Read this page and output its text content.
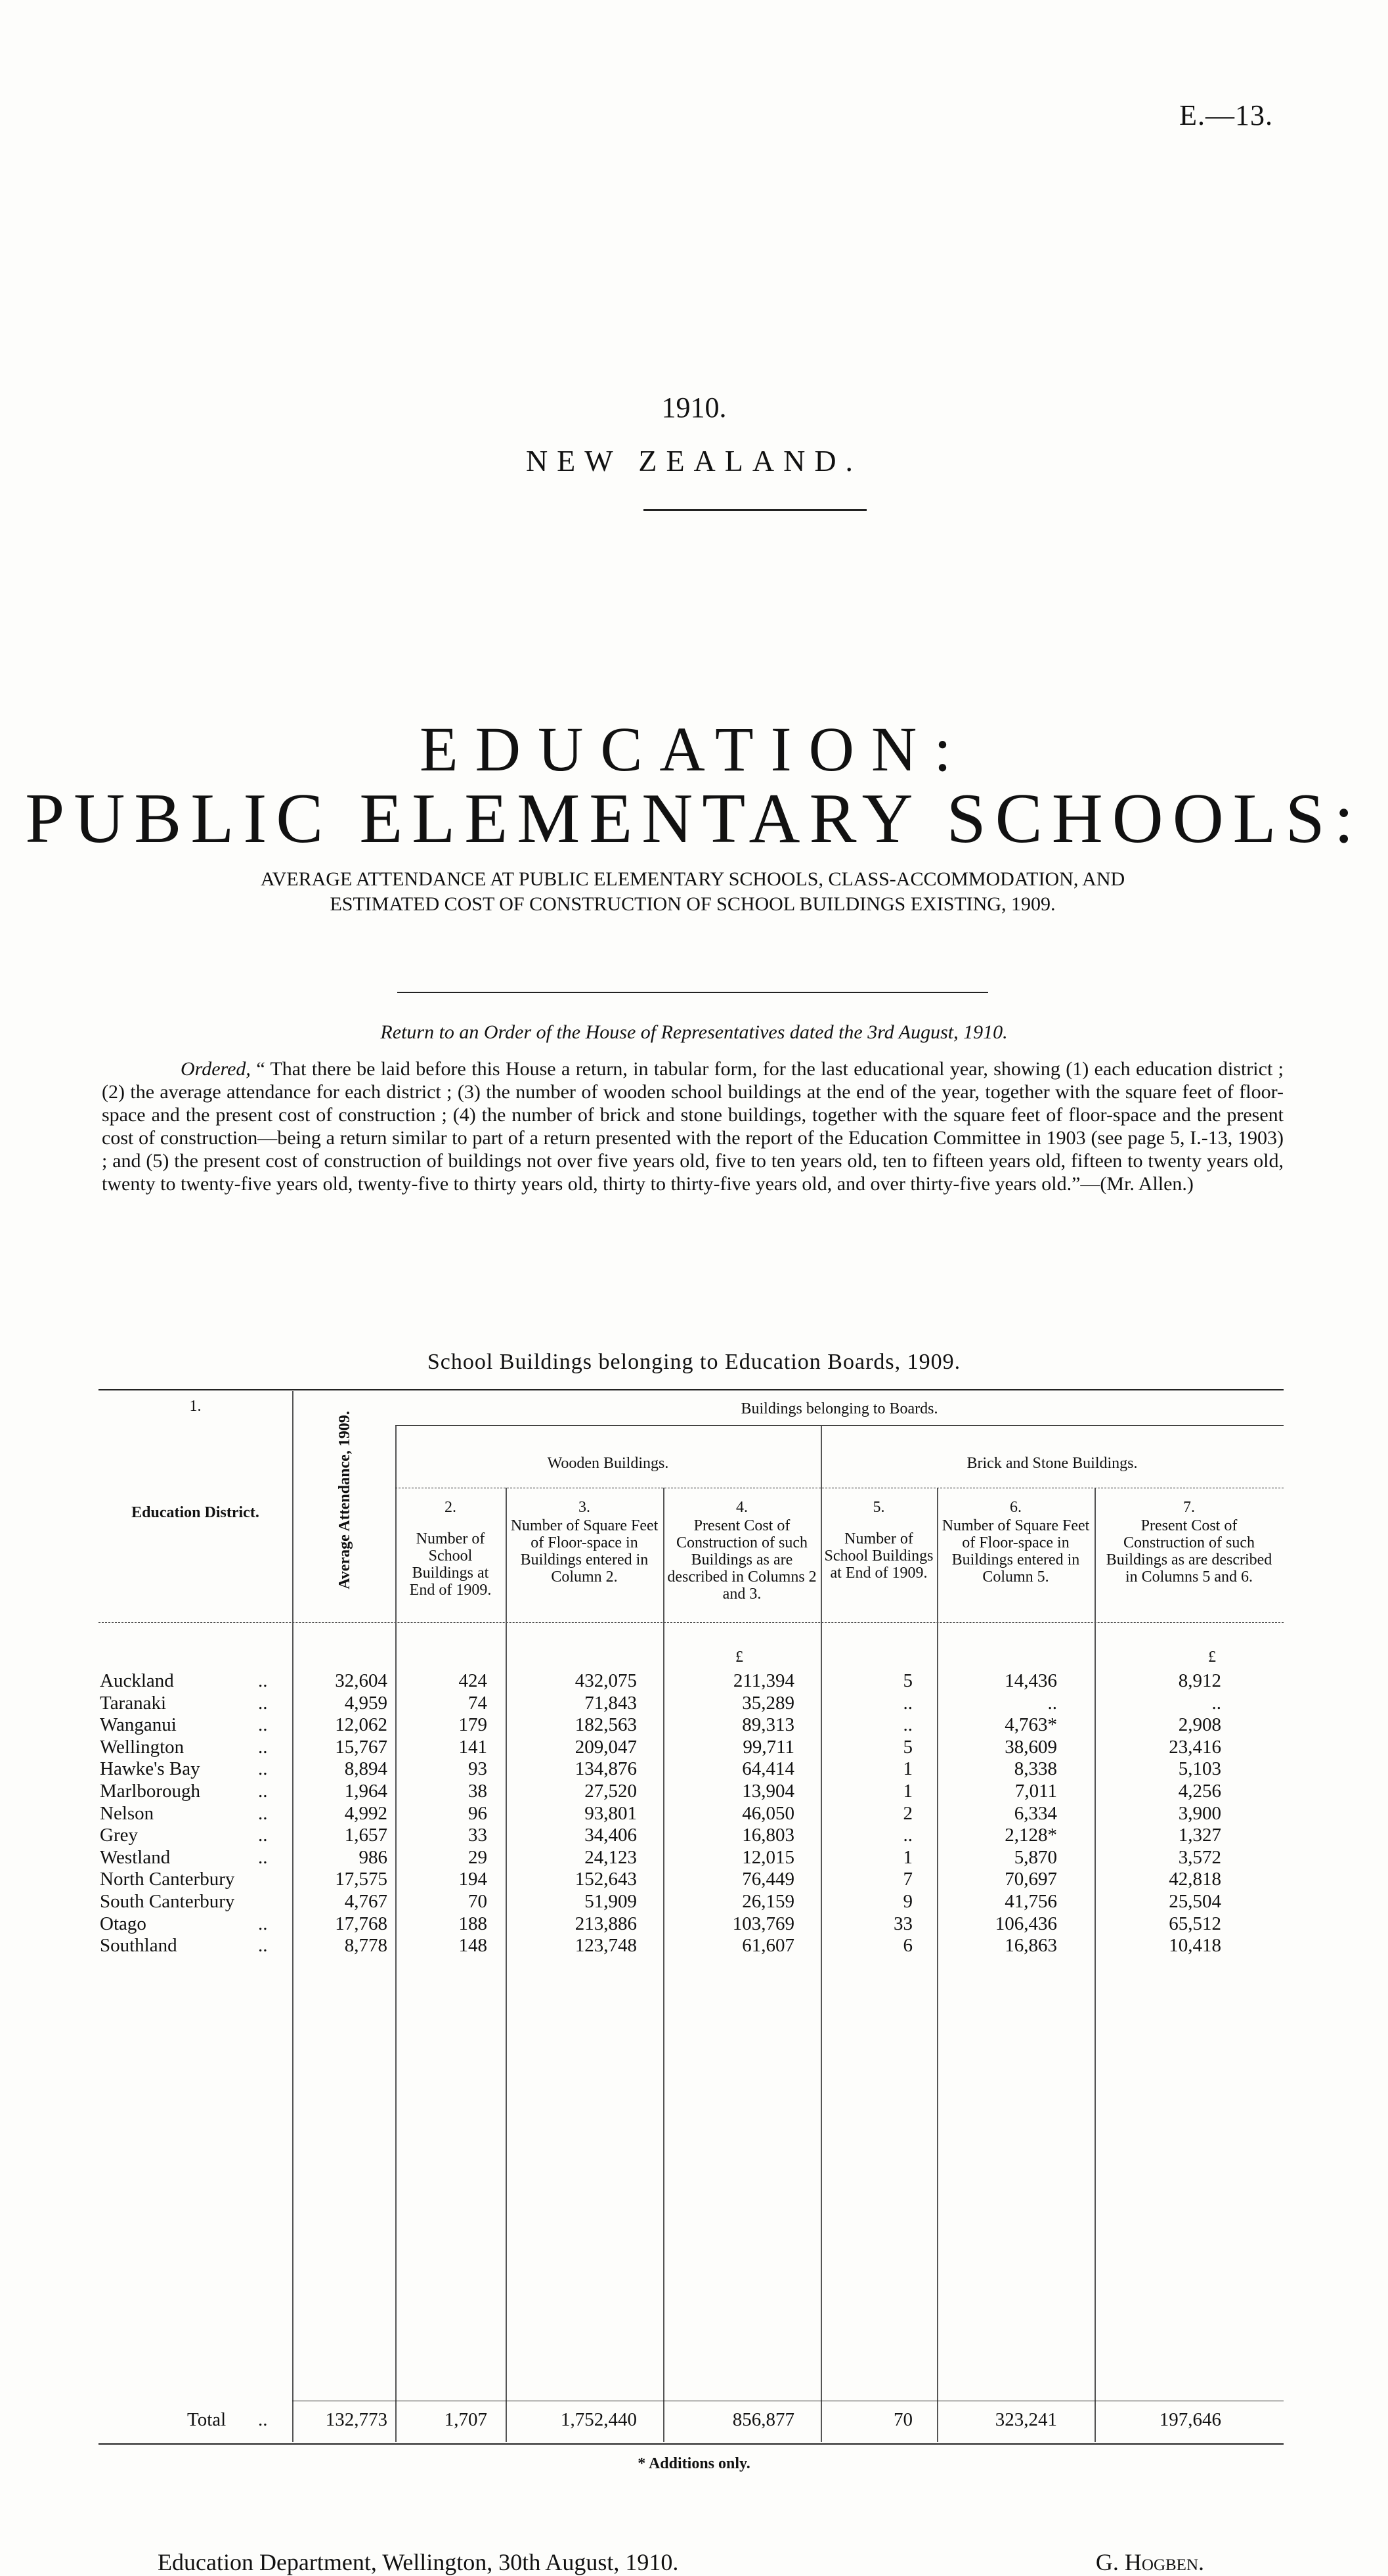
E.—13.
1910.
NEW ZEALAND.
EDUCATION:
PUBLIC ELEMENTARY SCHOOLS:
AVERAGE ATTENDANCE AT PUBLIC ELEMENTARY SCHOOLS, CLASS-ACCOMMODATION, AND
ESTIMATED COST OF CONSTRUCTION OF SCHOOL BUILDINGS EXISTING, 1909.
Return to an Order of the House of Representatives dated the 3rd August, 1910.
Ordered, “ That there be laid before this House a return, in tabular form, for the last educational year, showing (1) each education district ; (2) the average attendance for each district ; (3) the number of wooden school buildings at the end of the year, together with the square feet of floor-space and the present cost of construction ; (4) the number of brick and stone buildings, together with the square feet of floor-space and the present cost of construction—being a return similar to part of a return presented with the report of the Education Committee in 1903 (see page 5, I.-13, 1903) ; and (5) the present cost of construction of buildings not over five years old, five to ten years old, ten to fifteen years old, fifteen to twenty years old, twenty to twenty-five years old, twenty-five to thirty years old, thirty to thirty-five years old, and over thirty-five years old.”—(Mr. Allen.)
School Buildings belonging to Education Boards, 1909.
1.
Education District.	Average Attendance, 1909.
Buildings belonging to Boards.
Wooden Buildings.	Brick and Stone Buildings.
2.
Number of School Buildings at End of 1909.
3.
Number of Square Feet of Floor-space in Buildings entered in Column 2.
4.
Present Cost of Construction of such Buildings as are described in Columns 2 and 3.
5.
Number of School Buildings at End of 1909.
6.
Number of Square Feet of Floor-space in Buildings entered in Column 5.
7.
Present Cost of Construction of such Buildings as are described in Columns 5 and 6.
£	£
Auckland	..	32,604	424	432,075	211,394	5	14,436	8,912
Taranaki	..	4,959	74	71,843	35,289	..	..	..
Wanganui	..	12,062	179	182,563	89,313	..	4,763*	2,908
Wellington	..	15,767	141	209,047	99,711	5	38,609	23,416
Hawke's Bay	..	8,894	93	134,876	64,414	1	8,338	5,103
Marlborough	..	1,964	38	27,520	13,904	1	7,011	4,256
Nelson	..	4,992	96	93,801	46,050	2	6,334	3,900
Grey	..	1,657	33	34,406	16,803	..	2,128*	1,327
Westland	..	986	29	24,123	12,015	1	5,870	3,572
North Canterbury	17,575	194	152,643	76,449	7	70,697	42,818
South Canterbury	4,767	70	51,909	26,159	9	41,756	25,504
Otago	..	17,768	188	213,886	103,769	33	106,436	65,512
Southland	..	8,778	148	123,748	61,607	6	16,863	10,418
Total ..	132,773	1,707	1,752,440	856,877	70	323,241	197,646
* Additions only.
Education Department, Wellington, 30th August, 1910.	G. Hogben.
